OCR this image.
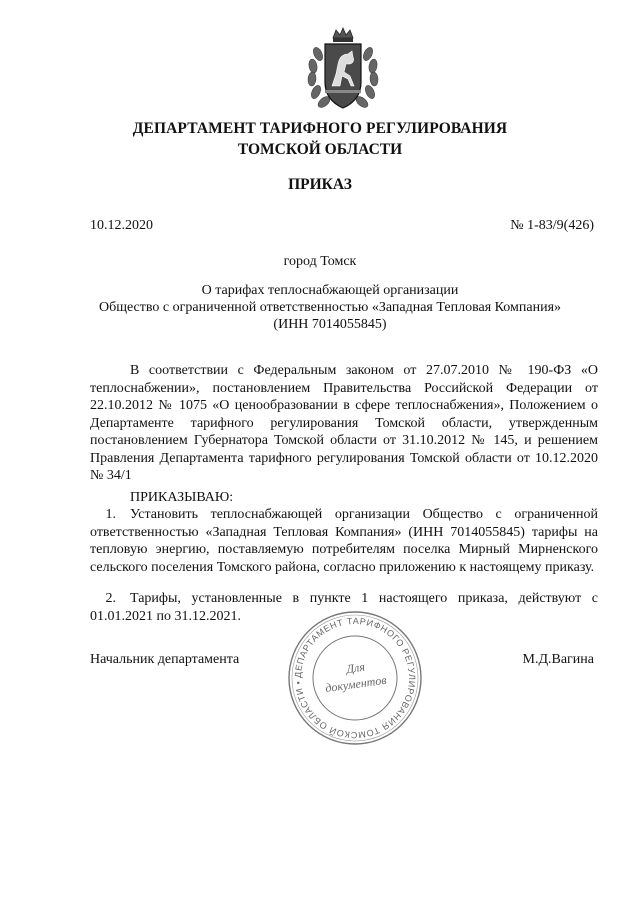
ДЕПАРТАМЕНТ ТАРИФНОГО РЕГУЛИРОВАНИЯ
ТОМСКОЙ ОБЛАСТИ
ПРИКАЗ
10.12.2020	№ 1-83/9(426)
город Томск
О тарифах теплоснабжающей организации
Общество с ограниченной ответственностью «Западная Тепловая Компания»
(ИНН 7014055845)

В соответствии с Федеральным законом от 27.07.2010 № 190-ФЗ «О теплоснабжении», постановлением Правительства Российской Федерации от 22.10.2012 № 1075 «О ценообразовании в сфере теплоснабжения», Положением о Департаменте тарифного регулирования Томской области, утвержденным постановлением Губернатора Томской области от 31.10.2012 № 145, и решением Правления Департамента тарифного регулирования Томской области от 10.12.2020 № 34/1

ПРИКАЗЫВАЮ:

1. Установить теплоснабжающей организации Общество с ограниченной ответственностью «Западная Тепловая Компания» (ИНН 7014055845) тарифы на тепловую энергию, поставляемую потребителям поселка Мирный Мирненского сельского поселения Томского района, согласно приложению к настоящему приказу.

2. Тарифы, установленные в пункте 1 настоящего приказа, действуют с 01.01.2021 по 31.12.2021.

Начальник департамента	М.Д.Вагина
ДЕПАРТАМЕНТ ТАРИФНОГО РЕГУЛИРОВАНИЯ ТОМСКОЙ ОБЛАСТИ •
Для
документов
